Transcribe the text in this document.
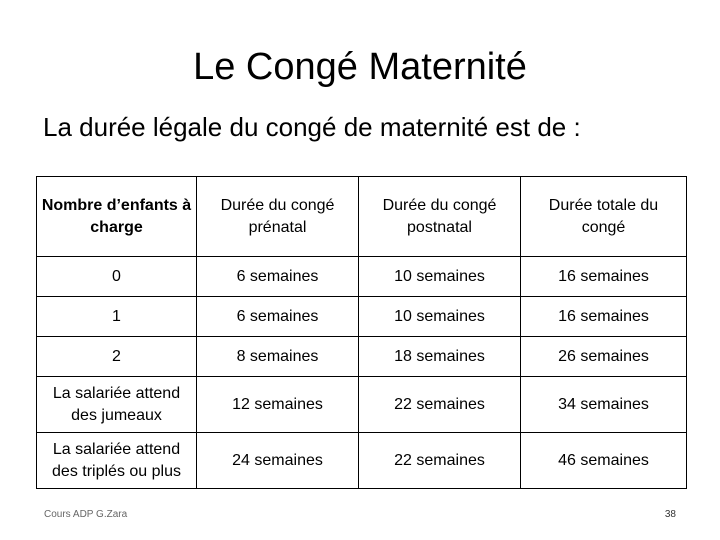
Le Congé Maternité
La durée légale du congé de maternité est de :
Nombre d’enfants à charge	Durée du congé prénatal	Durée du congé postnatal	Durée totale du congé
0	6 semaines	10 semaines	16 semaines
1	6 semaines	10 semaines	16 semaines
2	8 semaines	18 semaines	26 semaines
La salariée attend des jumeaux	12 semaines	22 semaines	34 semaines
La salariée attend des triplés ou plus	24 semaines	22 semaines	46 semaines
Cours ADP G.Zara	38
